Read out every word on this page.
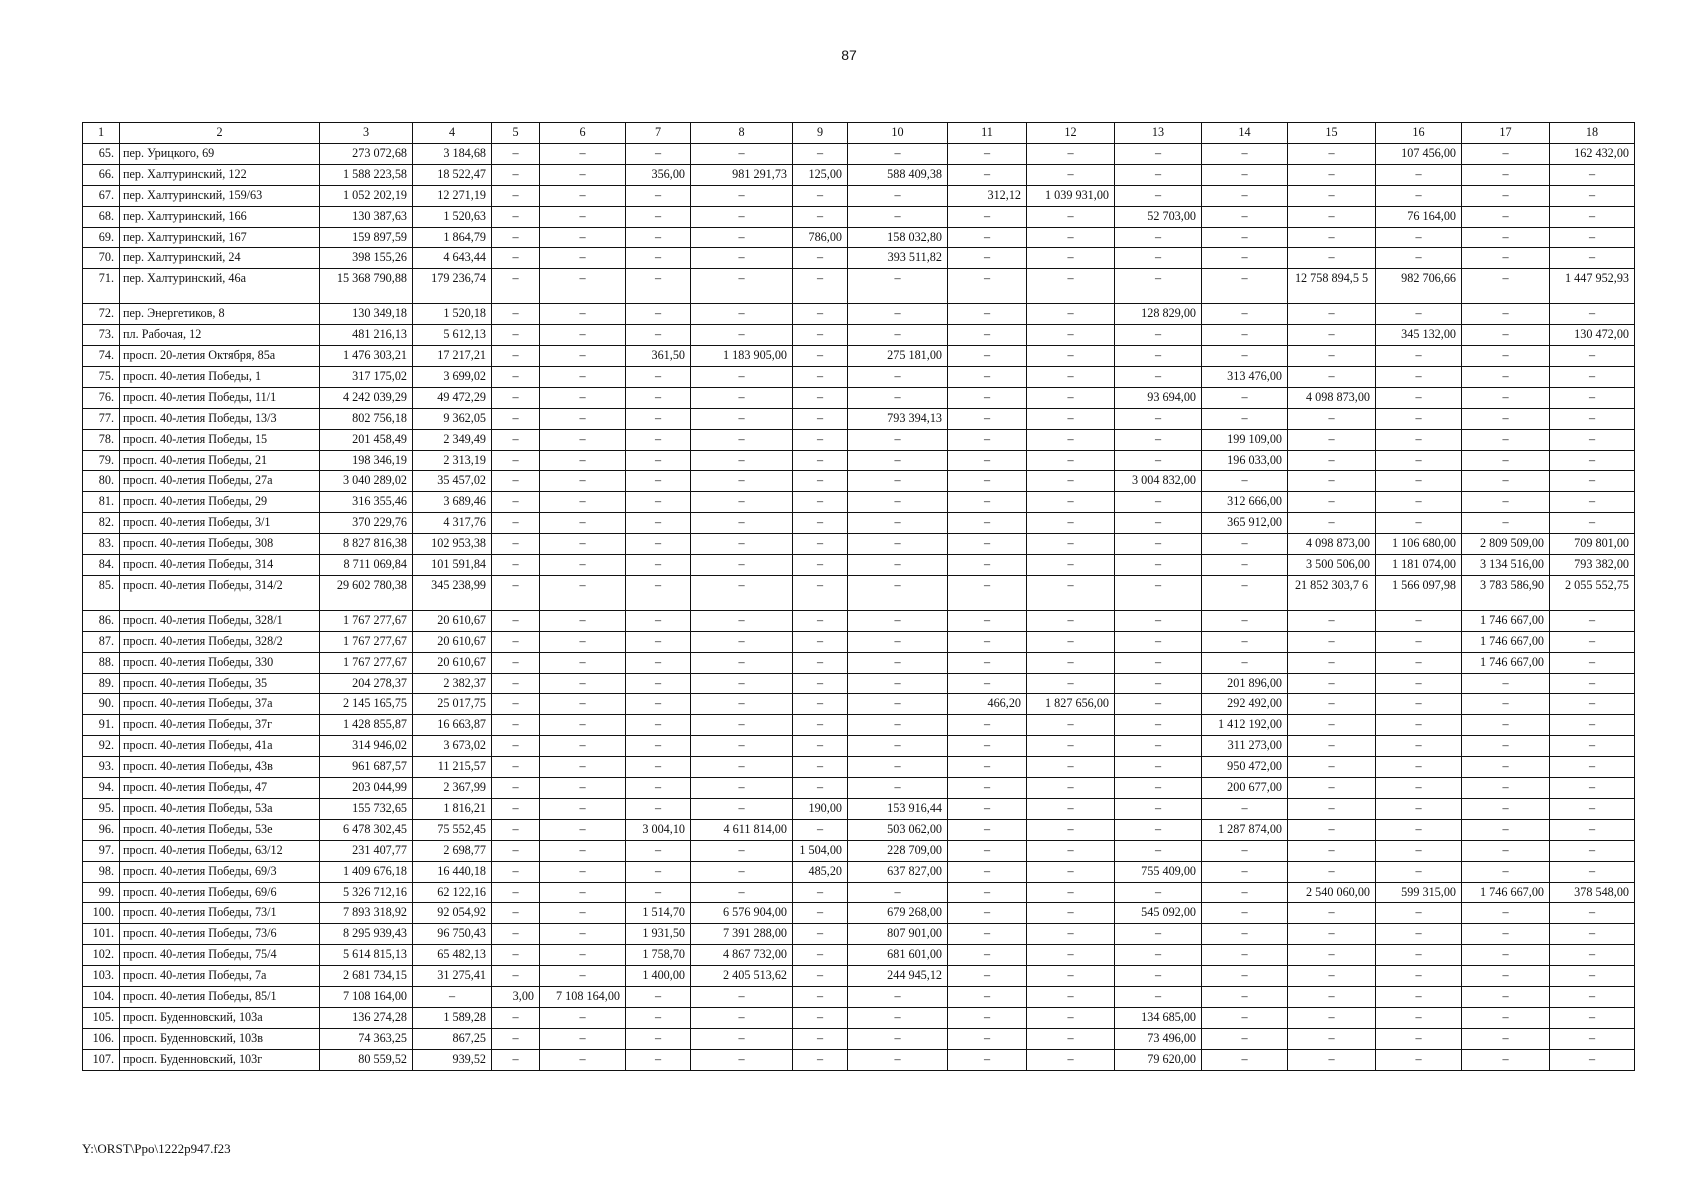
87
1	2	3	4	5	6	7	8	9	10	11	12	13	14	15	16	17	18
65.	пер. Урицкого, 69	273 072,68	3 184,68	–	–	–	–	–	–	–	–	–	–	–	107 456,00	–	162 432,00
66.	пер. Халтуринский, 122	1 588 223,58	18 522,47	–	–	356,00	981 291,73	125,00	588 409,38	–	–	–	–	–	–	–	–
67.	пер. Халтуринский, 159/63	1 052 202,19	12 271,19	–	–	–	–	–	–	312,12	1 039 931,00	–	–	–	–	–	–
68.	пер. Халтуринский, 166	130 387,63	1 520,63	–	–	–	–	–	–	–	–	52 703,00	–	–	76 164,00	–	–
69.	пер. Халтуринский, 167	159 897,59	1 864,79	–	–	–	–	786,00	158 032,80	–	–	–	–	–	–	–	–
70.	пер. Халтуринский, 24	398 155,26	4 643,44	–	–	–	–	–	393 511,82	–	–	–	–	–	–	–	–
71.	пер. Халтуринский, 46а	15 368 790,88	179 236,74	–	–	–	–	–	–	–	–	–	–	12 758 894,5 5	982 706,66	–	1 447 952,93
72.	пер. Энергетиков, 8	130 349,18	1 520,18	–	–	–	–	–	–	–	–	128 829,00	–	–	–	–	–
73.	пл. Рабочая, 12	481 216,13	5 612,13	–	–	–	–	–	–	–	–	–	–	–	345 132,00	–	130 472,00
74.	просп. 20-летия Октября, 85а	1 476 303,21	17 217,21	–	–	361,50	1 183 905,00	–	275 181,00	–	–	–	–	–	–	–	–
75.	просп. 40-летия Победы, 1	317 175,02	3 699,02	–	–	–	–	–	–	–	–	–	313 476,00	–	–	–	–
76.	просп. 40-летия Победы, 11/1	4 242 039,29	49 472,29	–	–	–	–	–	–	–	–	93 694,00	–	4 098 873,00	–	–	–
77.	просп. 40-летия Победы, 13/3	802 756,18	9 362,05	–	–	–	–	–	793 394,13	–	–	–	–	–	–	–	–
78.	просп. 40-летия Победы, 15	201 458,49	2 349,49	–	–	–	–	–	–	–	–	–	199 109,00	–	–	–	–
79.	просп. 40-летия Победы, 21	198 346,19	2 313,19	–	–	–	–	–	–	–	–	–	196 033,00	–	–	–	–
80.	просп. 40-летия Победы, 27а	3 040 289,02	35 457,02	–	–	–	–	–	–	–	–	3 004 832,00	–	–	–	–	–
81.	просп. 40-летия Победы, 29	316 355,46	3 689,46	–	–	–	–	–	–	–	–	–	312 666,00	–	–	–	–
82.	просп. 40-летия Победы, 3/1	370 229,76	4 317,76	–	–	–	–	–	–	–	–	–	365 912,00	–	–	–	–
83.	просп. 40-летия Победы, 308	8 827 816,38	102 953,38	–	–	–	–	–	–	–	–	–	–	4 098 873,00	1 106 680,00	2 809 509,00	709 801,00
84.	просп. 40-летия Победы, 314	8 711 069,84	101 591,84	–	–	–	–	–	–	–	–	–	–	3 500 506,00	1 181 074,00	3 134 516,00	793 382,00
85.	просп. 40-летия Победы, 314/2	29 602 780,38	345 238,99	–	–	–	–	–	–	–	–	–	–	21 852 303,7 6	1 566 097,98	3 783 586,90	2 055 552,75
86.	просп. 40-летия Победы, 328/1	1 767 277,67	20 610,67	–	–	–	–	–	–	–	–	–	–	–	–	1 746 667,00	–
87.	просп. 40-летия Победы, 328/2	1 767 277,67	20 610,67	–	–	–	–	–	–	–	–	–	–	–	–	1 746 667,00	–
88.	просп. 40-летия Победы, 330	1 767 277,67	20 610,67	–	–	–	–	–	–	–	–	–	–	–	–	1 746 667,00	–
89.	просп. 40-летия Победы, 35	204 278,37	2 382,37	–	–	–	–	–	–	–	–	–	201 896,00	–	–	–	–
90.	просп. 40-летия Победы, 37а	2 145 165,75	25 017,75	–	–	–	–	–	–	466,20	1 827 656,00	–	292 492,00	–	–	–	–
91.	просп. 40-летия Победы, 37г	1 428 855,87	16 663,87	–	–	–	–	–	–	–	–	–	1 412 192,00	–	–	–	–
92.	просп. 40-летия Победы, 41а	314 946,02	3 673,02	–	–	–	–	–	–	–	–	–	311 273,00	–	–	–	–
93.	просп. 40-летия Победы, 43в	961 687,57	11 215,57	–	–	–	–	–	–	–	–	–	950 472,00	–	–	–	–
94.	просп. 40-летия Победы, 47	203 044,99	2 367,99	–	–	–	–	–	–	–	–	–	200 677,00	–	–	–	–
95.	просп. 40-летия Победы, 53а	155 732,65	1 816,21	–	–	–	–	190,00	153 916,44	–	–	–	–	–	–	–	–
96.	просп. 40-летия Победы, 53е	6 478 302,45	75 552,45	–	–	3 004,10	4 611 814,00	–	503 062,00	–	–	–	1 287 874,00	–	–	–	–
97.	просп. 40-летия Победы, 63/12	231 407,77	2 698,77	–	–	–	–	1 504,00	228 709,00	–	–	–	–	–	–	–	–
98.	просп. 40-летия Победы, 69/3	1 409 676,18	16 440,18	–	–	–	–	485,20	637 827,00	–	–	755 409,00	–	–	–	–	–
99.	просп. 40-летия Победы, 69/6	5 326 712,16	62 122,16	–	–	–	–	–	–	–	–	–	–	2 540 060,00	599 315,00	1 746 667,00	378 548,00
100.	просп. 40-летия Победы, 73/1	7 893 318,92	92 054,92	–	–	1 514,70	6 576 904,00	–	679 268,00	–	–	545 092,00	–	–	–	–	–
101.	просп. 40-летия Победы, 73/6	8 295 939,43	96 750,43	–	–	1 931,50	7 391 288,00	–	807 901,00	–	–	–	–	–	–	–	–
102.	просп. 40-летия Победы, 75/4	5 614 815,13	65 482,13	–	–	1 758,70	4 867 732,00	–	681 601,00	–	–	–	–	–	–	–	–
103.	просп. 40-летия Победы, 7а	2 681 734,15	31 275,41	–	–	1 400,00	2 405 513,62	–	244 945,12	–	–	–	–	–	–	–	–
104.	просп. 40-летия Победы, 85/1	7 108 164,00	–	3,00	7 108 164,00	–	–	–	–	–	–	–	–	–	–	–	–
105.	просп. Буденновский, 103а	136 274,28	1 589,28	–	–	–	–	–	–	–	–	134 685,00	–	–	–	–	–
106.	просп. Буденновский, 103в	74 363,25	867,25	–	–	–	–	–	–	–	–	73 496,00	–	–	–	–	–
107.	просп. Буденновский, 103г	80 559,52	939,52	–	–	–	–	–	–	–	–	79 620,00	–	–	–	–	–
Y:\ORST\Ppo\1222p947.f23
